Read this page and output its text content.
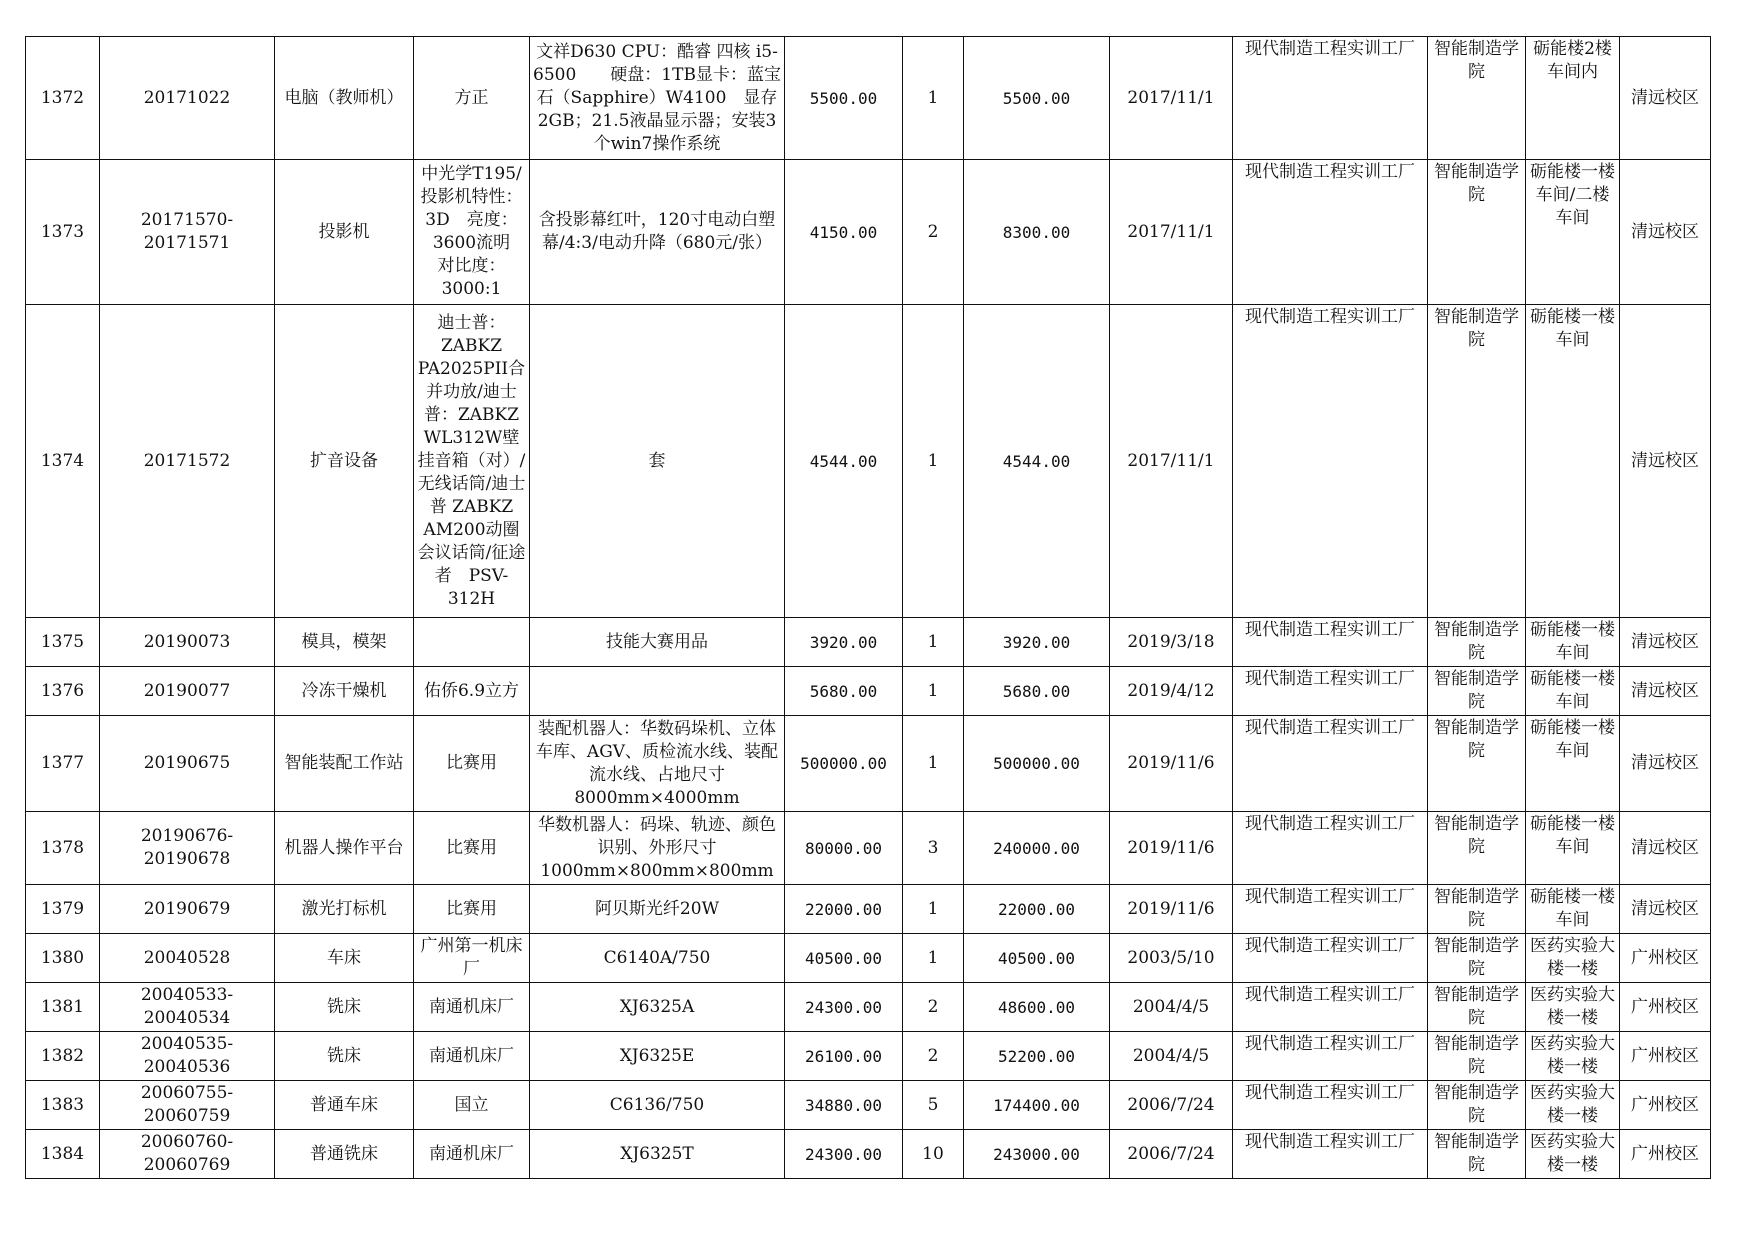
1372	20171022	电脑（教师机）	方正	文祥D630 CPU：酷睿 四核 i5-6500　　硬盘：1TB显卡：蓝宝石（Sapphire）W4100　显存2GB；21.5液晶显示器；安装3个win7操作系统	5500.00	1	5500.00	2017/11/1	现代制造工程实训工厂	智能制造学院	砺能楼2楼车间内	清远校区
1373	20171570-20171571	投影机	中光学T195/投影机特性：3D　亮度：3600流明　对比度：3000:1	含投影幕红叶，120寸电动白塑幕/4:3/电动升降（680元/张）	4150.00	2	8300.00	2017/11/1	现代制造工程实训工厂	智能制造学院	砺能楼一楼车间/二楼车间	清远校区
1374	20171572	扩音设备	迪士普：ZABKZ PA2025PII合并功放/迪士普：ZABKZ WL312W壁挂音箱（对）/无线话筒/迪士普 ZABKZ AM200动圈会议话筒/征途者　PSV-312H	套	4544.00	1	4544.00	2017/11/1	现代制造工程实训工厂	智能制造学院	砺能楼一楼车间	清远校区
1375	20190073	模具，模架		技能大赛用品	3920.00	1	3920.00	2019/3/18	现代制造工程实训工厂	智能制造学院	砺能楼一楼车间	清远校区
1376	20190077	冷冻干燥机	佑侨6.9立方		5680.00	1	5680.00	2019/4/12	现代制造工程实训工厂	智能制造学院	砺能楼一楼车间	清远校区
1377	20190675	智能装配工作站	比赛用	装配机器人：华数码垛机、立体车库、AGV、质检流水线、装配流水线、占地尺寸8000mm×4000mm	500000.00	1	500000.00	2019/11/6	现代制造工程实训工厂	智能制造学院	砺能楼一楼车间	清远校区
1378	20190676-20190678	机器人操作平台	比赛用	华数机器人：码垛、轨迹、颜色识别、外形尺寸1000mm×800mm×800mm	80000.00	3	240000.00	2019/11/6	现代制造工程实训工厂	智能制造学院	砺能楼一楼车间	清远校区
1379	20190679	激光打标机	比赛用	阿贝斯光纤20W	22000.00	1	22000.00	2019/11/6	现代制造工程实训工厂	智能制造学院	砺能楼一楼车间	清远校区
1380	20040528	车床	广州第一机床厂	C6140A/750	40500.00	1	40500.00	2003/5/10	现代制造工程实训工厂	智能制造学院	医药实验大楼一楼	广州校区
1381	20040533-20040534	铣床	南通机床厂	XJ6325A	24300.00	2	48600.00	2004/4/5	现代制造工程实训工厂	智能制造学院	医药实验大楼一楼	广州校区
1382	20040535-20040536	铣床	南通机床厂	XJ6325E	26100.00	2	52200.00	2004/4/5	现代制造工程实训工厂	智能制造学院	医药实验大楼一楼	广州校区
1383	20060755-20060759	普通车床	国立	C6136/750	34880.00	5	174400.00	2006/7/24	现代制造工程实训工厂	智能制造学院	医药实验大楼一楼	广州校区
1384	20060760-20060769	普通铣床	南通机床厂	XJ6325T	24300.00	10	243000.00	2006/7/24	现代制造工程实训工厂	智能制造学院	医药实验大楼一楼	广州校区
